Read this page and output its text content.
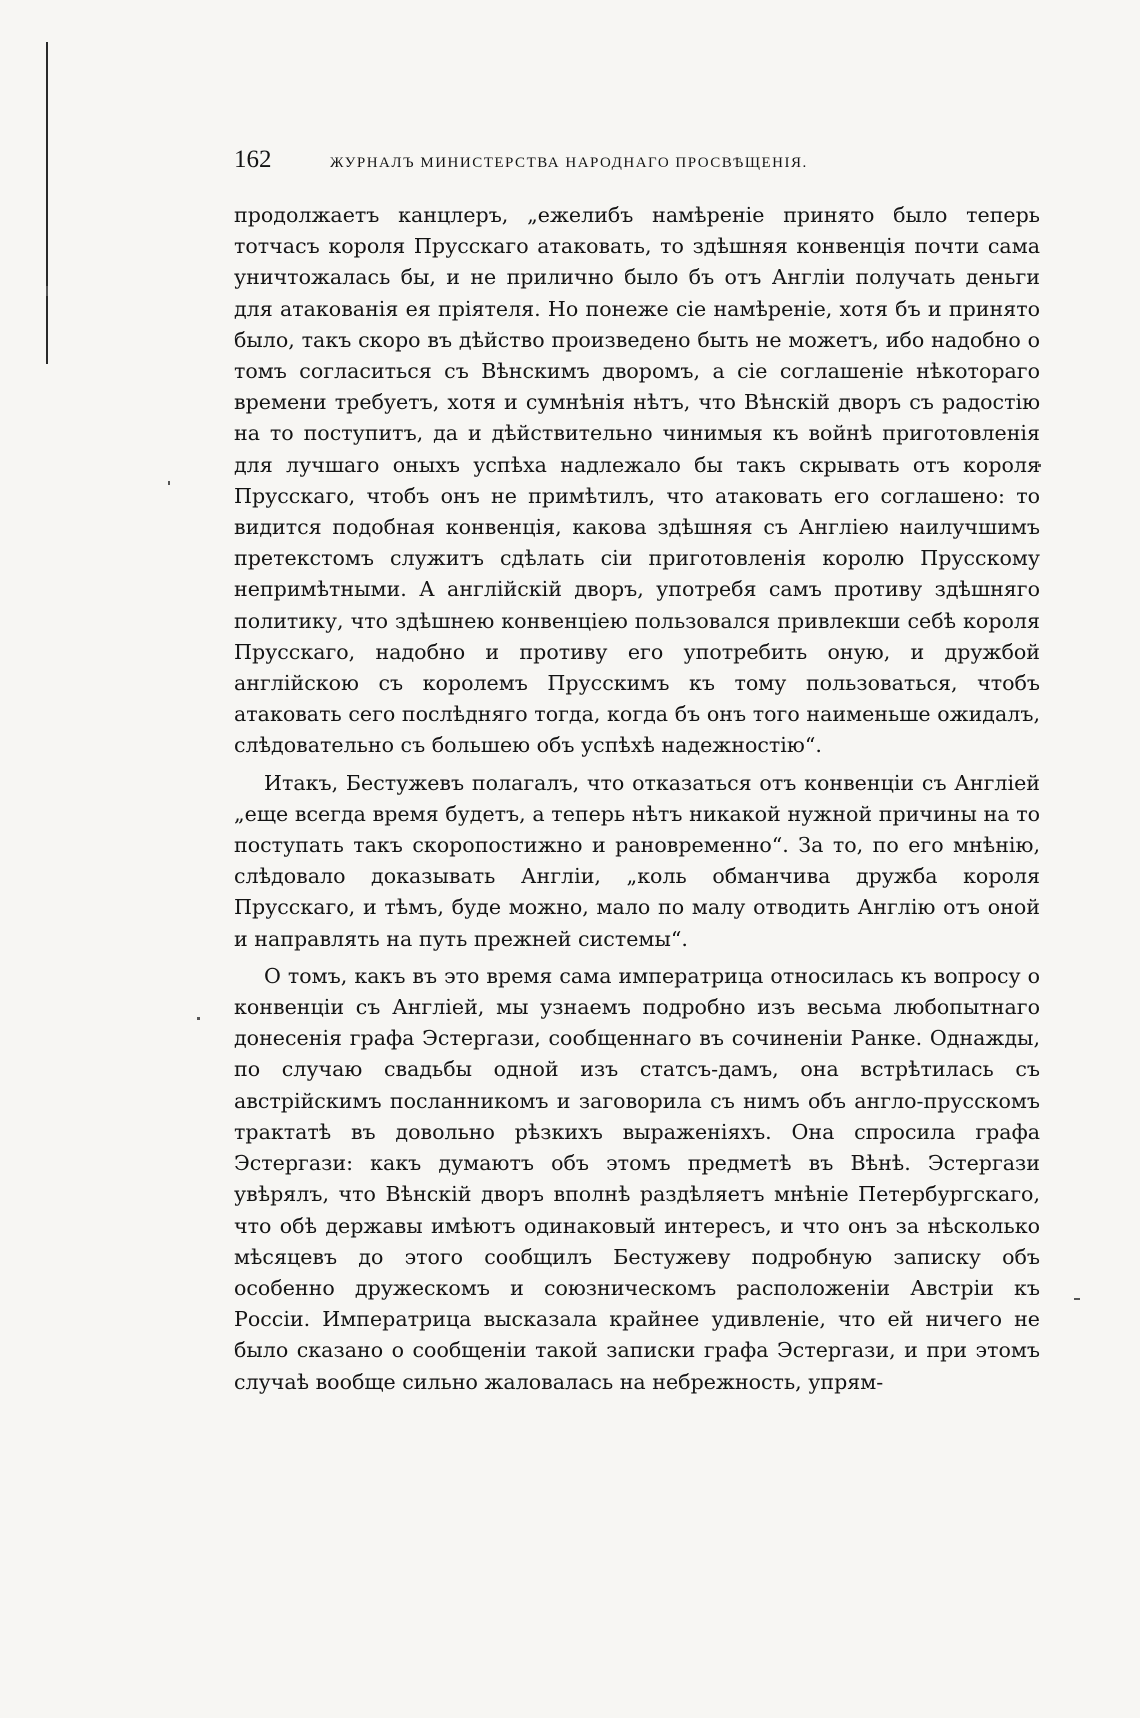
162	ЖУРНАЛЪ МИНИСТЕРСТВА НАРОДНАГО ПРОСВѢЩЕНІЯ.

продолжаетъ канцлеръ, „ежелибъ намѣреніе принято было теперь тотчасъ короля Прусскаго атаковать, то здѣшняя конвенція почти сама уничтожалась бы, и не прилично было бъ отъ Англіи получать деньги для атакованія ея пріятеля. Но понеже сіе намѣреніе, хотя бъ и принято было, такъ скоро въ дѣйство произведено быть не можетъ, ибо надобно о томъ согласиться съ Вѣнскимъ дворомъ, а сіе соглашеніе нѣкотораго времени требуетъ, хотя и сумнѣнія нѣтъ, что Вѣнскій дворъ съ радостію на то поступитъ, да и дѣйствительно чинимыя къ войнѣ приготовленія для лучшаго оныхъ успѣха надлежало бы такъ скрывать отъ короля Прусскаго, чтобъ онъ не примѣтилъ, что атаковать его соглашено: то видится подобная конвенція, какова здѣшняя съ Англіею наилучшимъ претекстомъ служитъ сдѣлать сіи приготовленія королю Прусскому непримѣтными. А англійскій дворъ, употребя самъ противу здѣшняго политику, что здѣшнею конвенціею пользовался привлекши себѣ короля Прусскаго, надобно и противу его употребить оную, и дружбой англійскою съ королемъ Прусскимъ къ тому пользоваться, чтобъ атаковать сего послѣдняго тогда, когда бъ онъ того наименьше ожидалъ, слѣдовательно съ большею объ успѣхѣ надежностію“.

Итакъ, Бестужевъ полагалъ, что отказаться отъ конвенціи съ Англіей „еще всегда время будетъ, а теперь нѣтъ никакой нужной причины на то поступать такъ скоропостижно и рановременно“. За то, по его мнѣнію, слѣдовало доказывать Англіи, „коль обманчива дружба короля Прусскаго, и тѣмъ, буде можно, мало по малу отводить Англію отъ оной и направлять на путь прежней системы“.

О томъ, какъ въ это время сама императрица относилась къ вопросу о конвенціи съ Англіей, мы узнаемъ подробно изъ весьма любопытнаго донесенія графа Эстергази, сообщеннаго въ сочиненіи Ранке. Однажды, по случаю свадьбы одной изъ статсъ-дамъ, она встрѣтилась съ австрійскимъ посланникомъ и заговорила съ нимъ объ англо-прусскомъ трактатѣ въ довольно рѣзкихъ выраженіяхъ. Она спросила графа Эстергази: какъ думаютъ объ этомъ предметѣ въ Вѣнѣ. Эстергази увѣрялъ, что Вѣнскій дворъ вполнѣ раздѣляетъ мнѣніе Петербургскаго, что обѣ державы имѣютъ одинаковый интересъ, и что онъ за нѣсколько мѣсяцевъ до этого сообщилъ Бестужеву подробную записку объ особенно дружескомъ и союзническомъ расположеніи Австріи къ Россіи. Императрица высказала крайнее удивленіе, что ей ничего не было сказано о сообщеніи такой записки графа Эстергази, и при этомъ случаѣ вообще сильно жаловалась на небрежность, упрям-
